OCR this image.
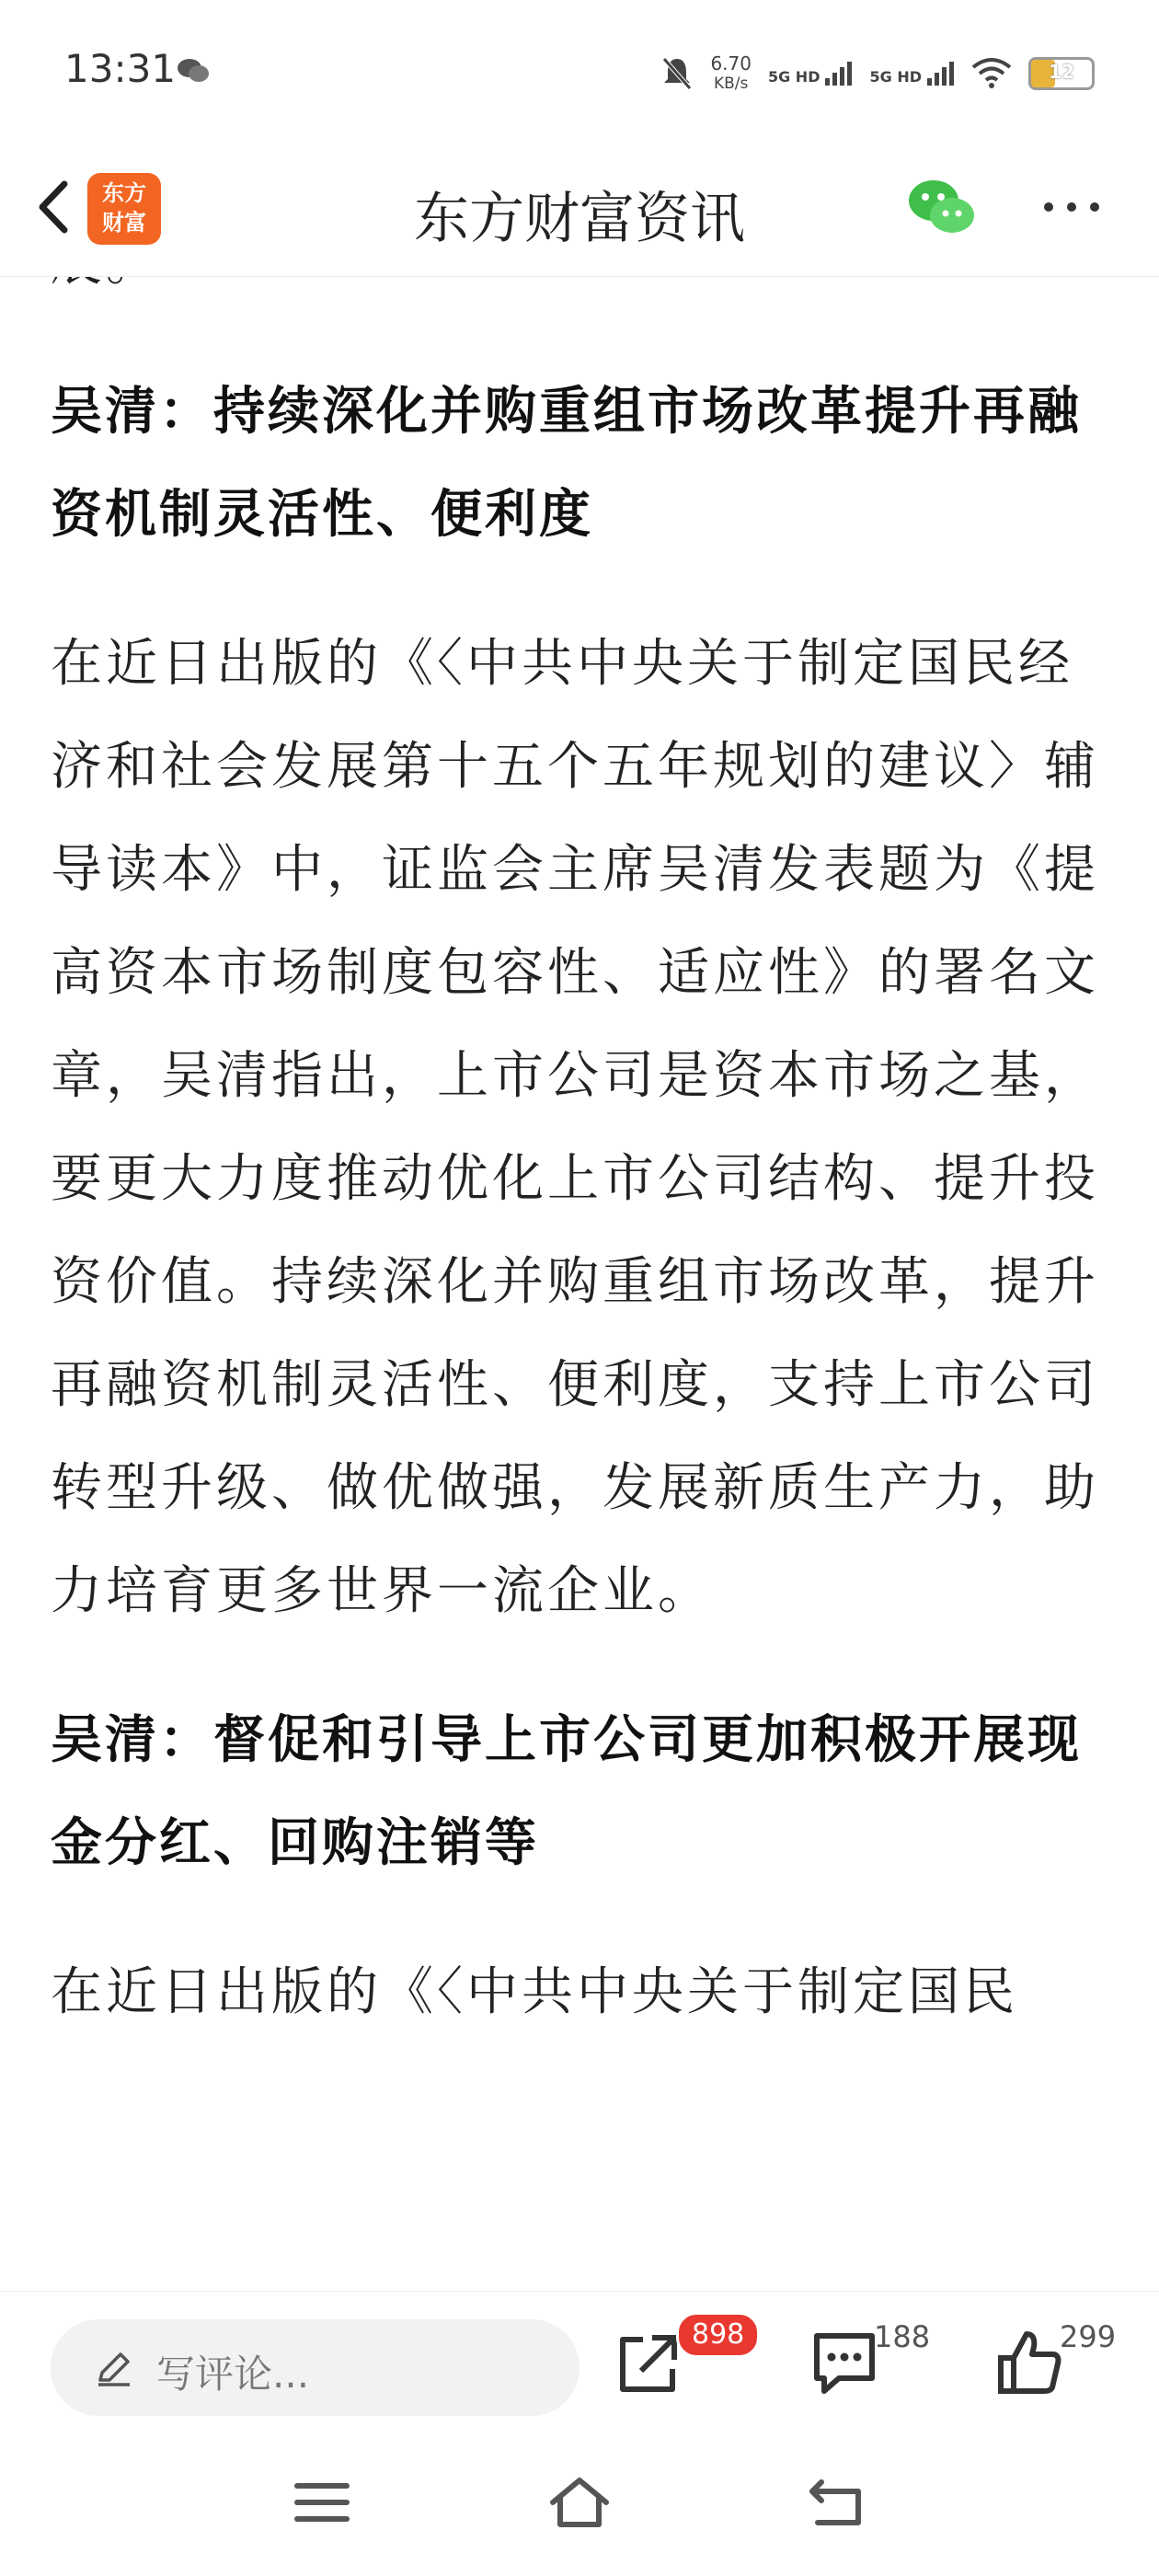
13:31	6.70
KB/s 5G HD	5G HD	12
东方
财富	东方财富资讯

吴清：持续深化并购重组市场改革提升再融资机制灵活性、便利度

在近日出版的《〈中共中央关于制定国民经济和社会发展第十五个五年规划的建议〉辅导读本》中，证监会主席吴清发表题为《提高资本市场制度包容性、适应性》的署名文章，吴清指出，上市公司是资本市场之基，要更大力度推动优化上市公司结构、提升投资价值。持续深化并购重组市场改革，提升再融资机制灵活性、便利度，支持上市公司转型升级、做优做强，发展新质生产力，助力培育更多世界一流企业。

吴清：督促和引导上市公司更加积极开展现金分红、回购注销等

在近日出版的《〈中共中央关于制定国民

写评论...
898	188	299
